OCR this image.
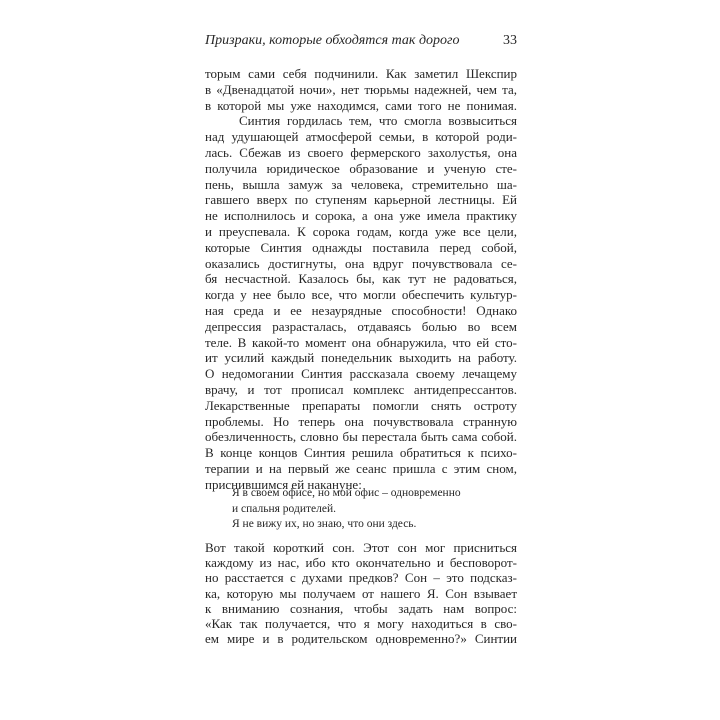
Призраки, которые обходятся так дорого	33
торым сами себя подчинили. Как заметил Шекспир
в «Двенадцатой ночи», нет тюрьмы надежней, чем та,
в которой мы уже находимся, сами того не понимая.
Синтия гордилась тем, что смогла возвыситься
над удушающей атмосферой семьи, в которой роди-
лась. Сбежав из своего фермерского захолустья, она
получила юридическое образование и ученую сте-
пень, вышла замуж за человека, стремительно ша-
гавшего вверх по ступеням карьерной лестницы. Ей
не исполнилось и сорока, а она уже имела практику
и преуспевала. К сорока годам, когда уже все цели,
которые Синтия однажды поставила перед собой,
оказались достигнуты, она вдруг почувствовала се-
бя несчастной. Казалось бы, как тут не радоваться,
когда у нее было все, что могли обеспечить культур-
ная среда и ее незаурядные способности! Однако
депрессия разрасталась, отдаваясь болью во всем
теле. В какой-то момент она обнаружила, что ей сто-
ит усилий каждый понедельник выходить на работу.
О недомогании Синтия рассказала своему лечащему
врачу, и тот прописал комплекс антидепрессантов.
Лекарственные препараты помогли снять остроту
проблемы. Но теперь она почувствовала странную
обезличенность, словно бы перестала быть сама собой.
В конце концов Синтия решила обратиться к психо-
терапии и на первый же сеанс пришла с этим сном,
приснившимся ей накануне:
Я в своем офисе, но мой офис – одновременно
и спальня родителей.
Я не вижу их, но знаю, что они здесь.
Вот такой короткий сон. Этот сон мог присниться
каждому из нас, ибо кто окончательно и бесповорот-
но расстается с духами предков? Сон – это подсказ-
ка, которую мы получаем от нашего Я. Сон взывает
к вниманию сознания, чтобы задать нам вопрос:
«Как так получается, что я могу находиться в сво-
ем мире и в родительском одновременно?» Синтии
